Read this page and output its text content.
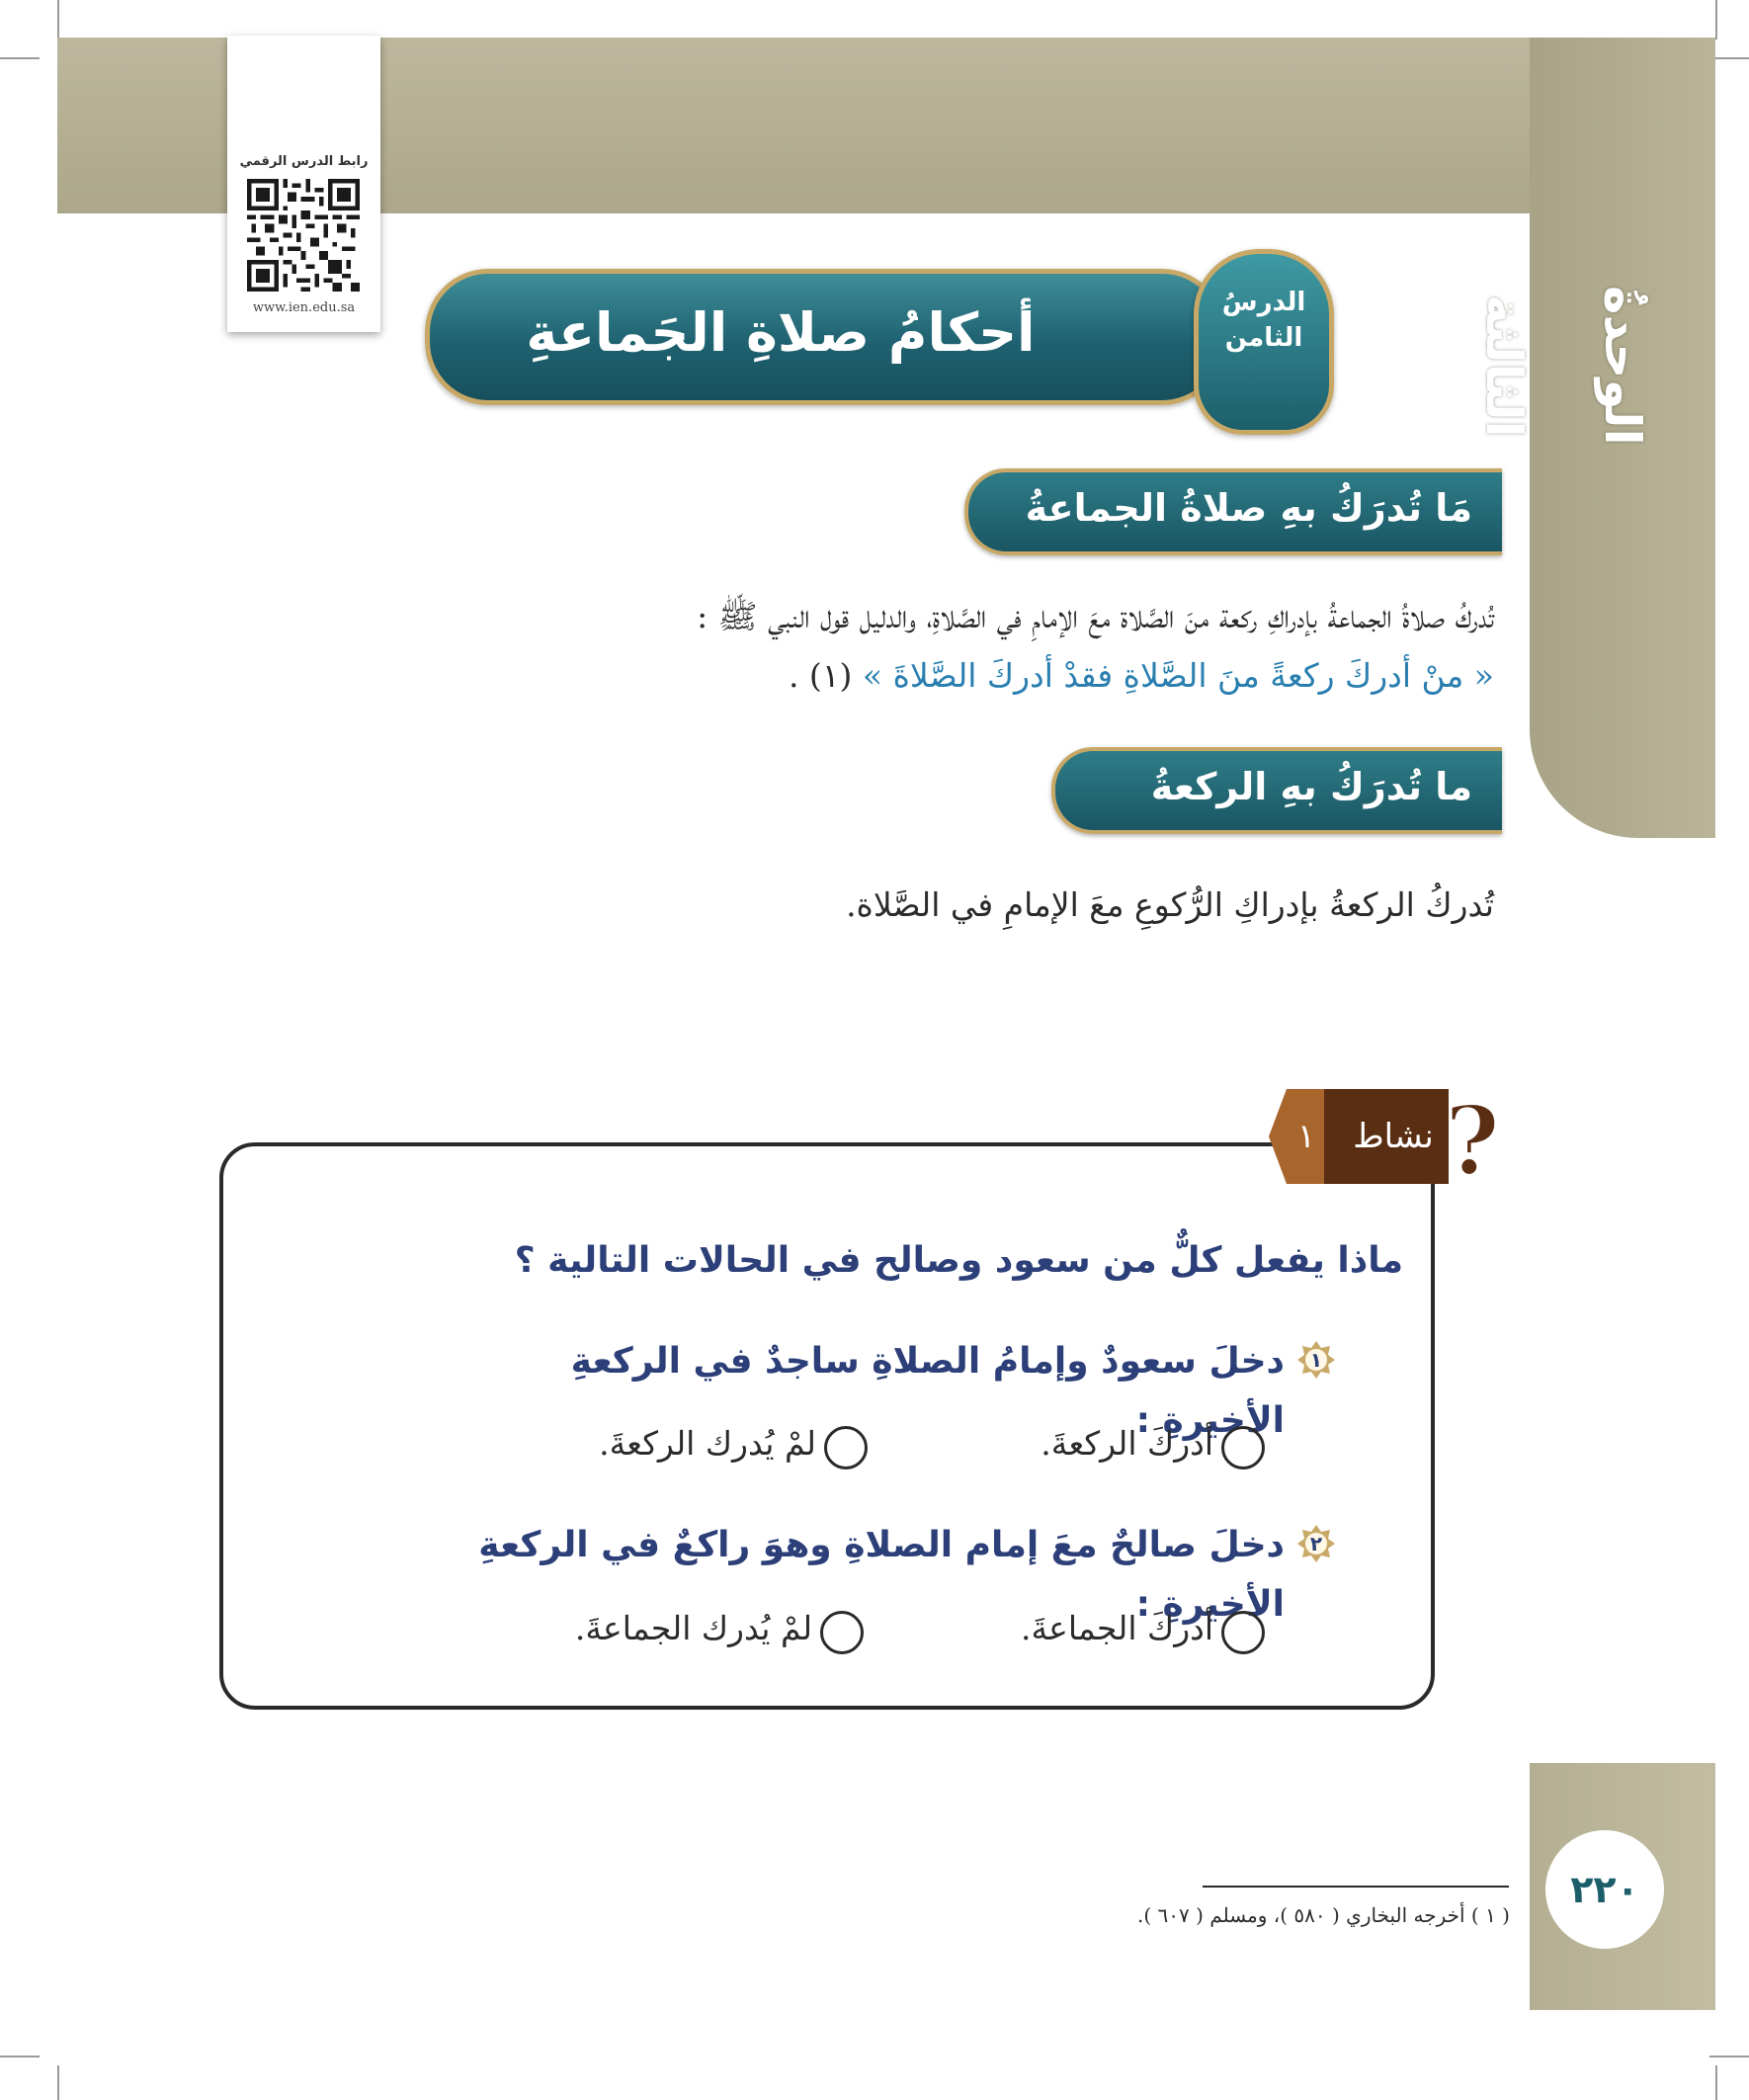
الوحدةُ الثالثة
رابط الدرس الرقمي
www.ien.edu.sa	أحكامُ صلاةِ الجَماعةِ	الدرسُ
الثامن
مَا تُدرَكُ بهِ صلاةُ الجماعةُ
تُدركُ صلاةُ الجماعةُ بإدراكِ ركعة منَ الصَّلاة معَ الإمامِ في الصَّلاةِ، والدليل قول النبي ﷺ :
« منْ أدركَ ركعةً منَ الصَّلاةِ فقدْ أدركَ الصَّلاةَ » (١) .
ما تُدرَكُ بهِ الركعةُ
تُدركُ الركعةُ بإدراكِ الرُّكوعِ معَ الإمامِ في الصَّلاة.
نشاط
١ ?
ماذا يفعل كلٌّ من سعود وصالح في الحالات التالية ؟
١
دخلَ سعودٌ وإمامُ الصلاةِ ساجدٌ في الركعةِ الأخيرةِ :
أدركَ الركعةَ.
لمْ يُدرك الركعةَ.
٢
دخلَ صالحٌ معَ إمام الصلاةِ وهوَ راكعٌ في الركعةِ الأخيرةِ :
أدركَ الجماعةَ.
لمْ يُدرك الجماعةَ.
٢٢٠
( ١ ) أخرجه البخاري ( ٥٨٠ )، ومسلم ( ٦٠٧ ).
